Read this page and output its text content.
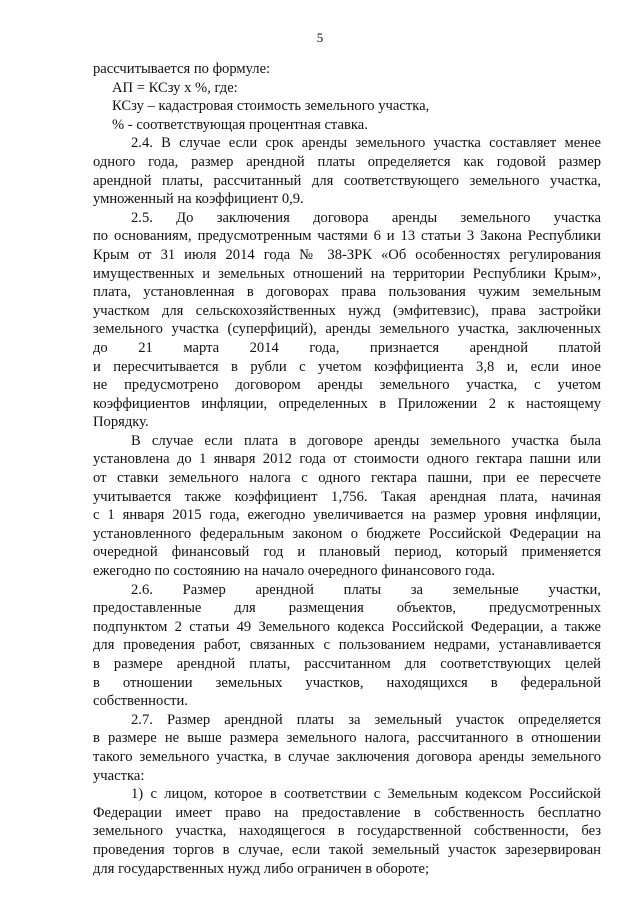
5
рассчитывается по формуле:
АП = КСзу х %, где:
КСзу – кадастровая стоимость земельного участка,
% - соответствующая процентная ставка.
2.4. В случае если срок аренды земельного участка составляет менее
одного года, размер арендной платы определяется как годовой размер
арендной платы, рассчитанный для соответствующего земельного участка,
умноженный на коэффициент 0,9.
2.5. До заключения договора аренды земельного участка
по основаниям, предусмотренным частями 6 и 13 статьи 3 Закона Республики
Крым от 31 июля 2014 года № 38-ЗРК «Об особенностях регулирования
имущественных и земельных отношений на территории Республики Крым»,
плата, установленная в договорах права пользования чужим земельным
участком для сельскохозяйственных нужд (эмфитевзис), права застройки
земельного участка (суперфиций), аренды земельного участка, заключенных
до 21 марта 2014 года, признается арендной платой
и пересчитывается в рубли с учетом коэффициента 3,8 и, если иное
не предусмотрено договором аренды земельного участка, с учетом
коэффициентов инфляции, определенных в Приложении 2 к настоящему
Порядку.
В случае если плата в договоре аренды земельного участка была
установлена до 1 января 2012 года от стоимости одного гектара пашни или
от ставки земельного налога с одного гектара пашни, при ее пересчете
учитывается также коэффициент 1,756. Такая арендная плата, начиная
с 1 января 2015 года, ежегодно увеличивается на размер уровня инфляции,
установленного федеральным законом о бюджете Российской Федерации на
очередной финансовый год и плановый период, который применяется
ежегодно по состоянию на начало очередного финансового года.
2.6. Размер арендной платы за земельные участки,
предоставленные для размещения объектов, предусмотренных
подпунктом 2 статьи 49 Земельного кодекса Российской Федерации, а также
для проведения работ, связанных с пользованием недрами, устанавливается
в размере арендной платы, рассчитанном для соответствующих целей
в отношении земельных участков, находящихся в федеральной
собственности.
2.7. Размер арендной платы за земельный участок определяется
в размере не выше размера земельного налога, рассчитанного в отношении
такого земельного участка, в случае заключения договора аренды земельного
участка:
1) с лицом, которое в соответствии с Земельным кодексом Российской
Федерации имеет право на предоставление в собственность бесплатно
земельного участка, находящегося в государственной собственности, без
проведения торгов в случае, если такой земельный участок зарезервирован
для государственных нужд либо ограничен в обороте;
